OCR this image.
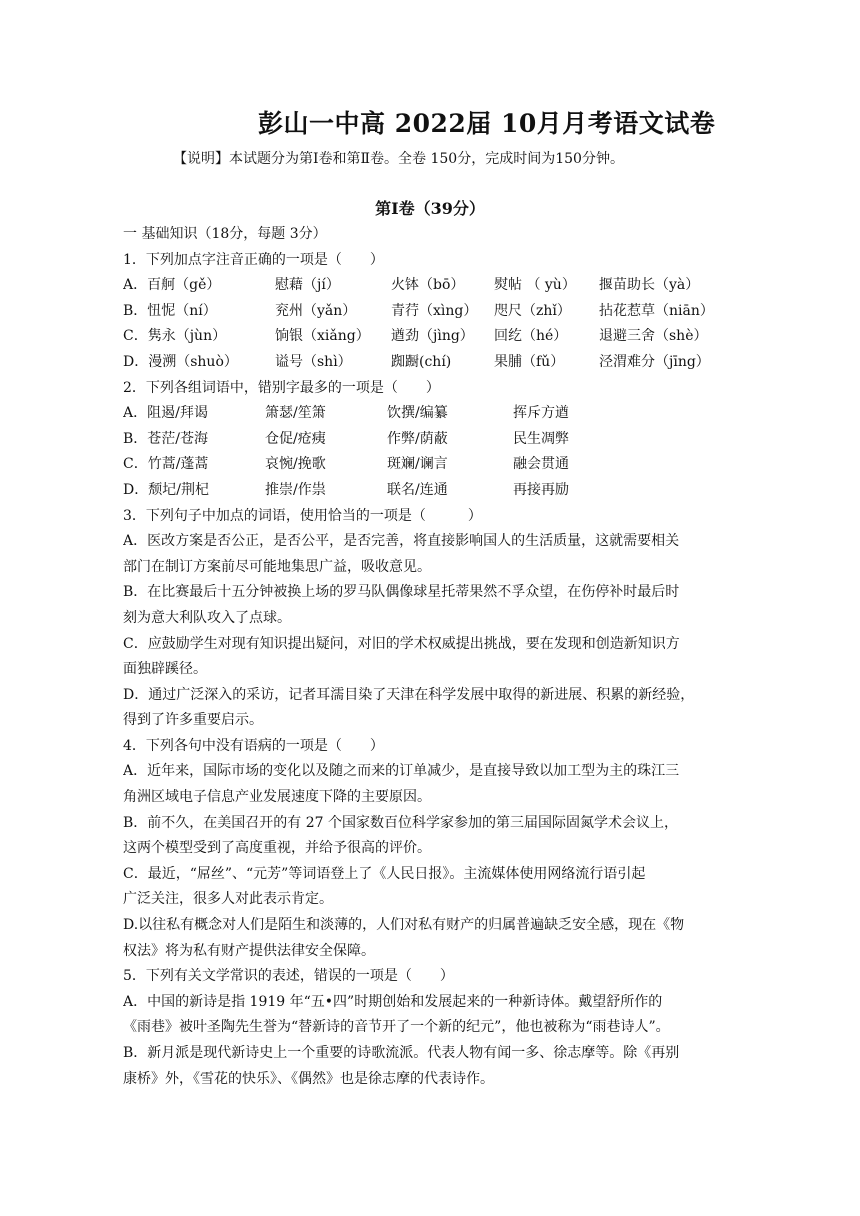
彭山一中高 2022届 10月月考语文试卷
【说明】本试题分为第Ⅰ卷和第Ⅱ卷。全卷 150分，完成时间为150分钟。
第Ⅰ卷（39分）
一 基础知识（18分，每题 3分）
1．下列加点字注音正确的一项是（　　）
A．百舸（gě）	慰藉（jí）	火钵（bō）	熨帖 （ yù）	揠苗助长（yà）
B．忸怩（ní）	兖州（yǎn）	青荇（xìng）	咫尺（zhǐ）	拈花惹草（niān）
C．隽永（jùn）	饷银（xiǎng）	遒劲（jìng）	回纥（hé）	退避三舍（shè）
D．漫溯（shuò）	谥号（shì）	踟蹰(chí)	果脯（fǔ）	泾渭难分（jīng）
2．下列各组词语中，错别字最多的一项是（　　）
A．阻遏/拜谒	箫瑟/笙箫	饮撰/编纂	挥斥方遒
B．苍茫/苍海	仓促/疮痍	作弊/荫蔽	民生凋弊
C．竹蒿/蓬蒿	哀惋/挽歌	斑斓/谰言	融会贯通
D．颓圮/荆杞	推崇/作祟	联名/连通	再接再励
3．下列句子中加点的词语，使用恰当的一项是（　　　）
A．医改方案是否公正，是否公平，是否完善，将直接影响国人的生活质量，这就需要相关
部门在制订方案前尽可能地集思广益，吸收意见。
B．在比赛最后十五分钟被换上场的罗马队偶像球星托蒂果然不孚众望，在伤停补时最后时
刻为意大利队攻入了点球。
C．应鼓励学生对现有知识提出疑问，对旧的学术权威提出挑战，要在发现和创造新知识方
面独辟蹊径。
D．通过广泛深入的采访，记者耳濡目染了天津在科学发展中取得的新进展、积累的新经验，
得到了许多重要启示。
4．下列各句中没有语病的一项是（　　）
A．近年来，国际市场的变化以及随之而来的订单减少，是直接导致以加工型为主的珠江三
角洲区域电子信息产业发展速度下降的主要原因。
B．前不久，在美国召开的有 27 个国家数百位科学家参加的第三届国际固氮学术会议上，
这两个模型受到了高度重视，并给予很高的评价。
C．最近，“屌丝”、“元芳”等词语登上了《人民日报》。主流媒体使用网络流行语引起
广泛关注，很多人对此表示肯定。
D.以往私有概念对人们是陌生和淡薄的，人们对私有财产的归属普遍缺乏安全感，现在《物
权法》将为私有财产提供法律安全保障。
5．下列有关文学常识的表述，错误的一项是（　　）
A．中国的新诗是指 1919 年“五•四”时期创始和发展起来的一种新诗体。戴望舒所作的
《雨巷》被叶圣陶先生誉为“替新诗的音节开了一个新的纪元”，他也被称为“雨巷诗人”。
B．新月派是现代新诗史上一个重要的诗歌流派。代表人物有闻一多、徐志摩等。除《再别
康桥》外，《雪花的快乐》、《偶然》也是徐志摩的代表诗作。
